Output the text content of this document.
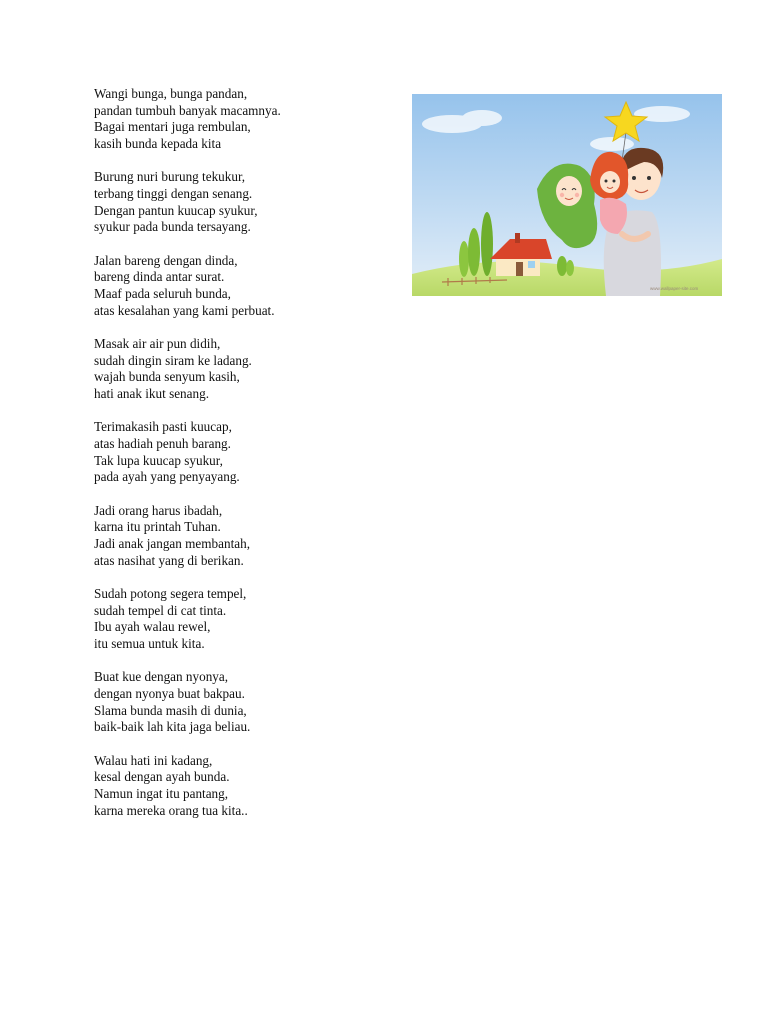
Wangi bunga, bunga pandan,
pandan tumbuh banyak macamnya.
Bagai mentari juga rembulan,
kasih bunda kepada kita
Burung nuri burung tekukur,
terbang tinggi dengan senang.
Dengan pantun kuucap syukur,
syukur pada bunda tersayang.
Jalan bareng dengan dinda,
bareng dinda antar surat.
Maaf pada seluruh bunda,
atas kesalahan yang kami perbuat.
Masak air air pun didih,
sudah dingin siram ke ladang.
wajah bunda senyum kasih,
hati anak ikut senang.
Terimakasih pasti kuucap,
atas hadiah penuh barang.
Tak lupa kuucap syukur,
pada ayah yang penyayang.
Jadi orang harus ibadah,
karna itu printah Tuhan.
Jadi anak jangan membantah,
atas nasihat yang di berikan.
Sudah potong segera tempel,
sudah tempel di cat tinta.
Ibu ayah walau rewel,
itu semua untuk kita.
Buat kue dengan nyonya,
dengan nyonya buat bakpau.
Slama bunda masih di dunia,
baik-baik lah kita jaga beliau.
Walau hati ini kadang,
kesal dengan ayah bunda.
Namun ingat itu pantang,
karna mereka orang tua kita..
www.wallpaper-site.com
